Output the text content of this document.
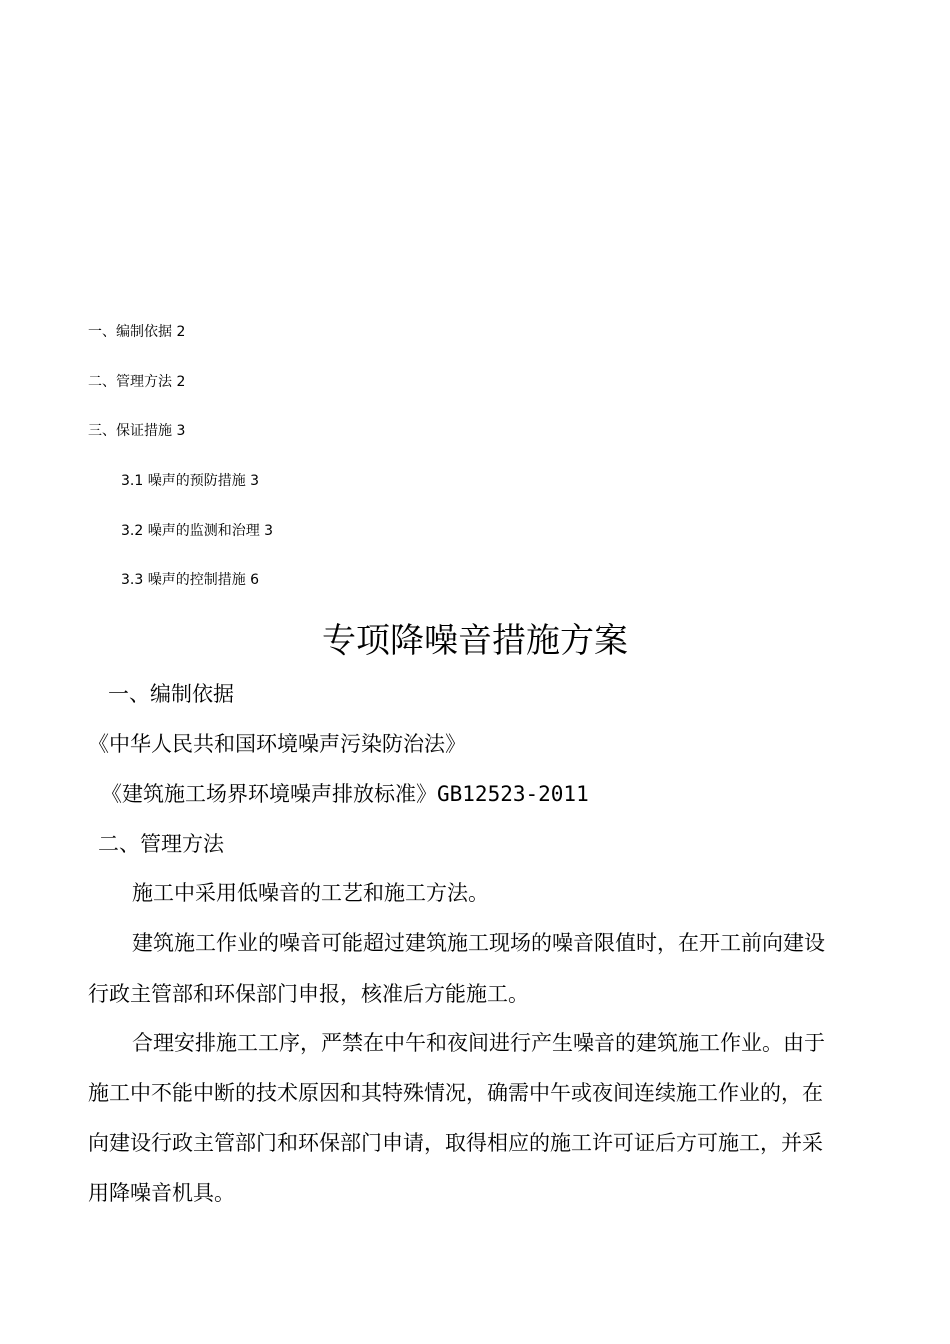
一、编制依据 2
二、管理方法 2
三、保证措施 3
3.1 噪声的预防措施 3
3.2 噪声的监测和治理 3
3.3 噪声的控制措施 6
专项降噪音措施方案
一、编制依据
《中华人民共和国环境噪声污染防治法》
《建筑施工场界环境噪声排放标准》GB12523-2011
二、管理方法
施工中采用低噪音的工艺和施工方法。
建筑施工作业的噪音可能超过建筑施工现场的噪音限值时，在开工前向建设
行政主管部和环保部门申报，核准后方能施工。
合理安排施工工序，严禁在中午和夜间进行产生噪音的建筑施工作业。由于
施工中不能中断的技术原因和其特殊情况，确需中午或夜间连续施工作业的，在
向建设行政主管部门和环保部门申请，取得相应的施工许可证后方可施工，并采
用降噪音机具。
